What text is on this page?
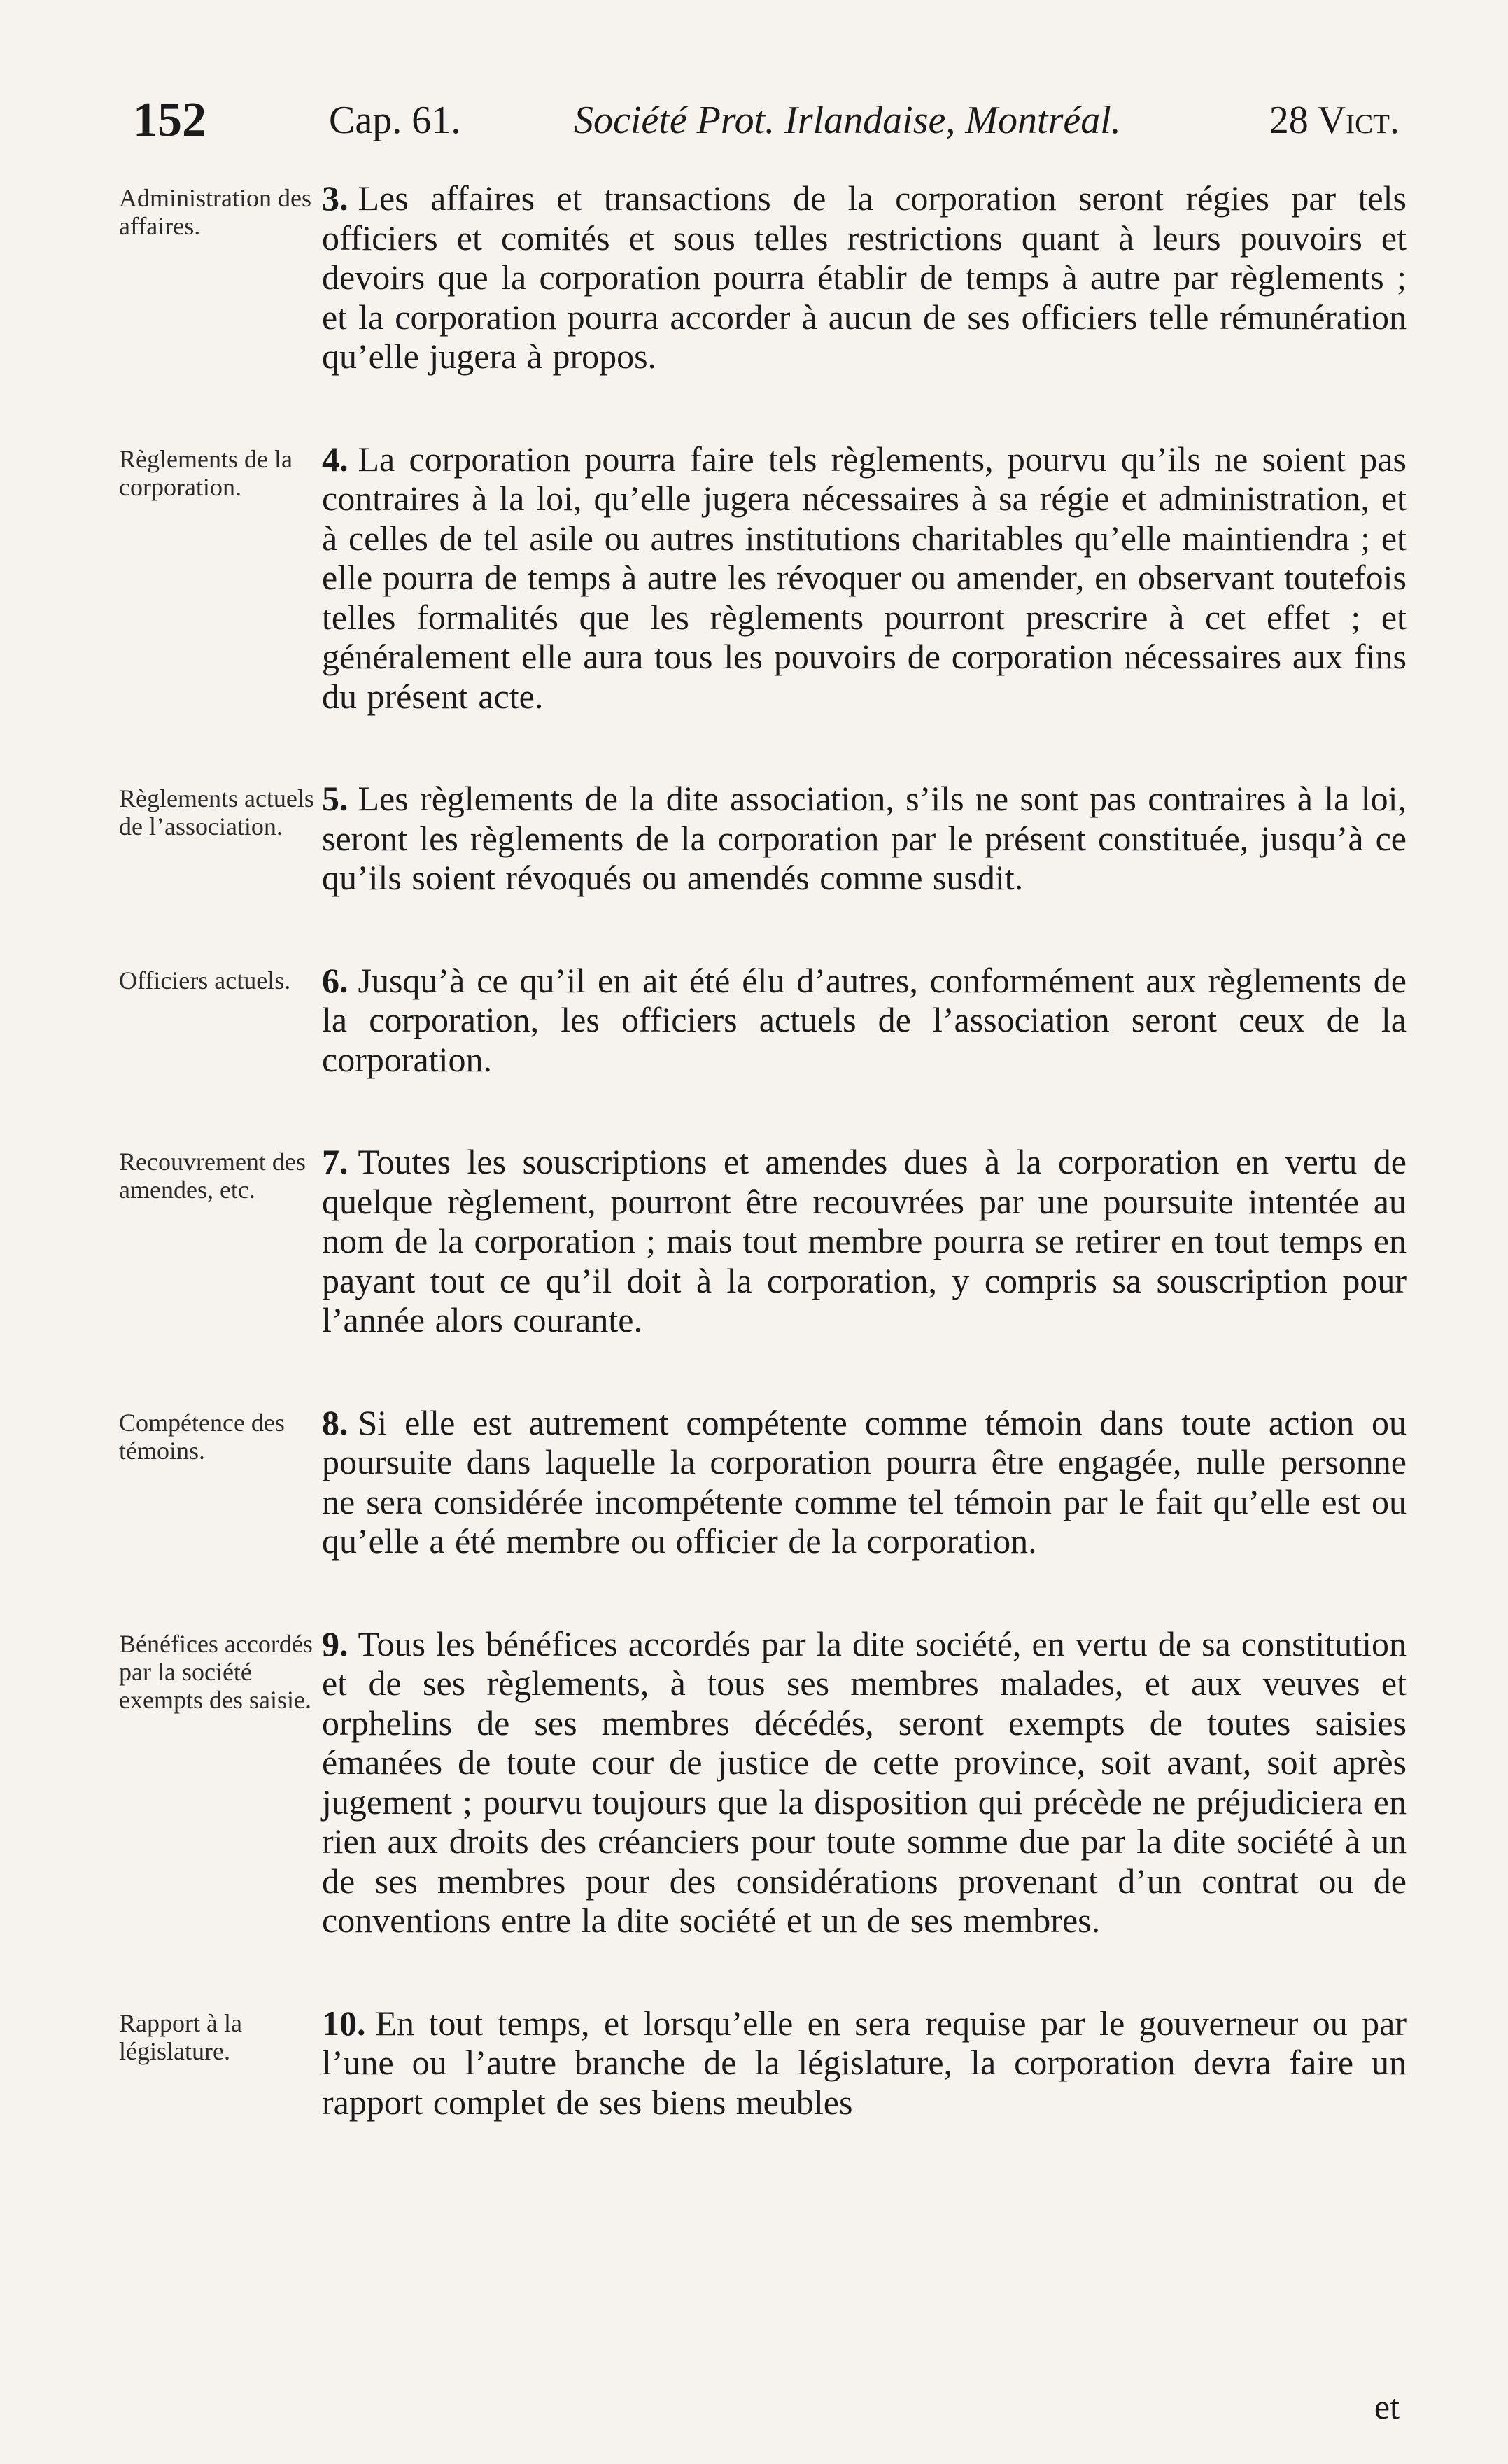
152	Cap. 61.	Société Prot. Irlandaise, Montréal.	28 Vict.
Administration des affaires.
3. Les affaires et transactions de la corporation seront régies par tels officiers et comités et sous telles restrictions quant à leurs pouvoirs et devoirs que la corporation pourra établir de temps à autre par règlements ; et la corporation pourra accorder à aucun de ses officiers telle rémunération qu’elle jugera à propos.
Règlements de la corporation.
4. La corporation pourra faire tels règlements, pourvu qu’ils ne soient pas contraires à la loi, qu’elle jugera nécessaires à sa régie et administration, et à celles de tel asile ou autres institutions charitables qu’elle maintiendra ; et elle pourra de temps à autre les révoquer ou amender, en observant toutefois telles formalités que les règlements pourront prescrire à cet effet ; et généralement elle aura tous les pouvoirs de corporation nécessaires aux fins du présent acte.
Règlements actuels de l’association.
5. Les règlements de la dite association, s’ils ne sont pas contraires à la loi, seront les règlements de la corporation par le présent constituée, jusqu’à ce qu’ils soient révoqués ou amendés comme susdit.
Officiers actuels. 6. Jusqu’à ce qu’il en ait été élu d’autres, conformément aux règlements de la corporation, les officiers actuels de l’association seront ceux de la corporation.
Recouvrement des amendes, etc.
7. Toutes les souscriptions et amendes dues à la corporation en vertu de quelque règlement, pourront être recouvrées par une poursuite intentée au nom de la corporation ; mais tout membre pourra se retirer en tout temps en payant tout ce qu’il doit à la corporation, y compris sa souscription pour l’année alors courante.
Compétence des témoins.
8. Si elle est autrement compétente comme témoin dans toute action ou poursuite dans laquelle la corporation pourra être engagée, nulle personne ne sera considérée incompétente comme tel témoin par le fait qu’elle est ou qu’elle a été membre ou officier de la corporation.
Bénéfices accordés par la société exempts des saisie.
9. Tous les bénéfices accordés par la dite société, en vertu de sa constitution et de ses règlements, à tous ses membres malades, et aux veuves et orphelins de ses membres décédés, seront exempts de toutes saisies émanées de toute cour de justice de cette province, soit avant, soit après jugement ; pourvu toujours que la disposition qui précède ne préjudiciera en rien aux droits des créanciers pour toute somme due par la dite société à un de ses membres pour des considérations provenant d’un contrat ou de conventions entre la dite société et un de ses membres.
Rapport à la législature.
10. En tout temps, et lorsqu’elle en sera requise par le gouverneur ou par l’une ou l’autre branche de la législature, la corporation devra faire un rapport complet de ses biens meubles
et
